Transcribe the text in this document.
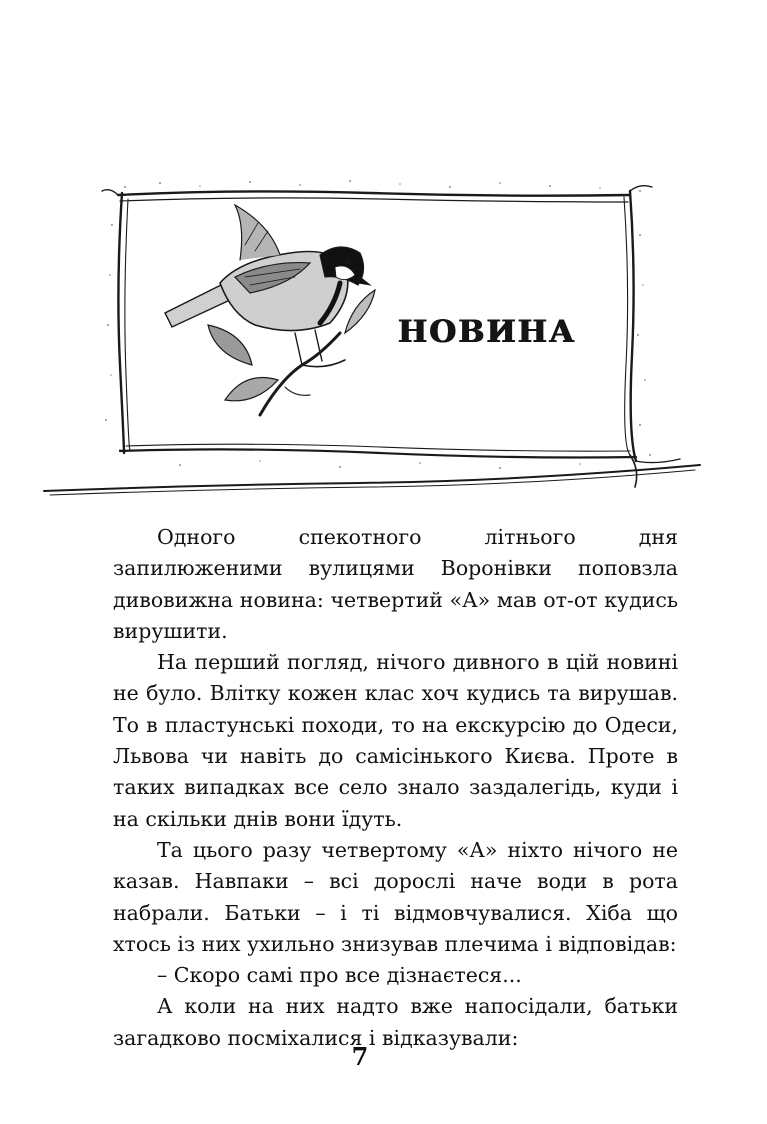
НОВИНА

Одного спекотного літнього дня запилюженими вулицями Воронівки поповзла дивовижна новина: четвертий «А» мав от-от кудись вирушити.

На перший погляд, нічого дивного в цій новині не було. Влітку кожен клас хоч кудись та вирушав. То в пластунські походи, то на екскурсію до Одеси, Львова чи навіть до самісінького Києва. Проте в таких випадках все село знало заздалегідь, куди і на скільки днів вони їдуть.

Та цього разу четвертому «А» ніхто нічого не казав. Навпаки – всі дорослі наче води в рота набрали. Батьки – і ті відмовчувалися. Хіба що хтось із них ухильно знизував плечима і відповідав:

– Скоро самі про все дізнаєтеся...

А коли на них надто вже напосідали, батьки загадково посміхалися і відказували:

7
